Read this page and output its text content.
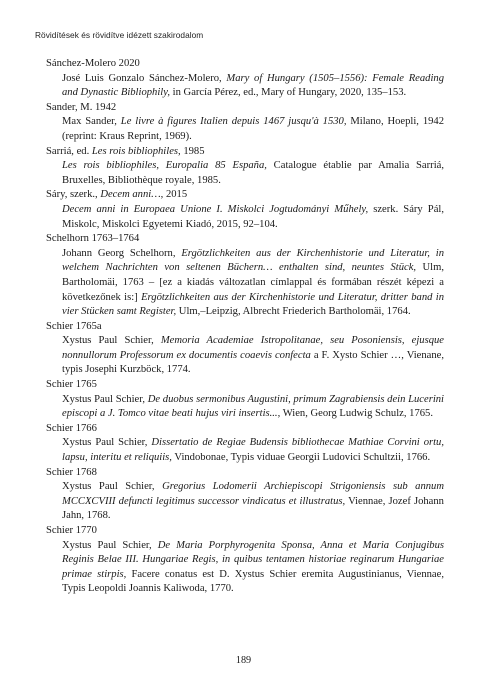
Rövidítések és rövidítve idézett szakirodalom
Sánchez-Molero 2020
José Luis Gonzalo Sánchez-Molero, Mary of Hungary (1505–1556): Female Reading and Dynastic Bibliophily, in García Pérez, ed., Mary of Hungary, 2020, 135–153.
Sander, M. 1942
Max Sander, Le livre à figures Italien depuis 1467 jusqu'à 1530, Milano, Hoepli, 1942 (reprint: Kraus Reprint, 1969).
Sarriá, ed. Les rois bibliophiles, 1985
Les rois bibliophiles, Europalia 85 España, Catalogue établie par Amalia Sarriá, Bruxelles, Bibliothèque royale, 1985.
Sáry, szerk., Decem anni…, 2015
Decem anni in Europaea Unione I. Miskolci Jogtudományi Műhely, szerk. Sáry Pál, Miskolc, Miskolci Egyetemi Kiadó, 2015, 92–104.
Schelhorn 1763–1764
Johann Georg Schelhorn, Ergötzlichkeiten aus der Kirchenhistorie und Literatur, in welchem Nachrichten von seltenen Büchern… enthalten sind, neuntes Stück, Ulm, Bartholomäi, 1763 – [ez a kiadás változatlan címlappal és formában részét képezi a következőnek is:] Ergötzlichkeiten aus der Kirchenhistorie und Literatur, dritter band in vier Stücken samt Register, Ulm,–Leipzig, Albrecht Friederich Bartholomäi, 1764.
Schier 1765a
Xystus Paul Schier, Memoria Academiae Istropolitanae, seu Posoniensis, ejusque nonnullorum Professorum ex documentis coaevis confecta a F. Xysto Schier …, Vienane, typis Josephi Kurzböck, 1774.
Schier 1765
Xystus Paul Schier, De duobus sermonibus Augustini, primum Zagrabiensis dein Lucerini episcopi a J. Tomco vitae beati hujus viri insertis..., Wien, Georg Ludwig Schulz, 1765.
Schier 1766
Xystus Paul Schier, Dissertatio de Regiae Budensis bibliothecae Mathiae Corvini ortu, lapsu, interitu et reliquiis, Vindobonae, Typis viduae Georgii Ludovici Schultzii, 1766.
Schier 1768
Xystus Paul Schier, Gregorius Lodomerii Archiepiscopi Strigoniensis sub annum MCCXCVIII defuncti legitimus successor vindicatus et illustratus, Viennae, Jozef Johann Jahn, 1768.
Schier 1770
Xystus Paul Schier, De Maria Porphyrogenita Sponsa, Anna et Maria Conjugibus Reginis Belae III. Hungariae Regis, in quibus tentamen historiae reginarum Hungariae primae stirpis, Facere conatus est D. Xystus Schier eremita Augustinianus, Viennae, Typis Leopoldi Joannis Kaliwoda, 1770.
189
